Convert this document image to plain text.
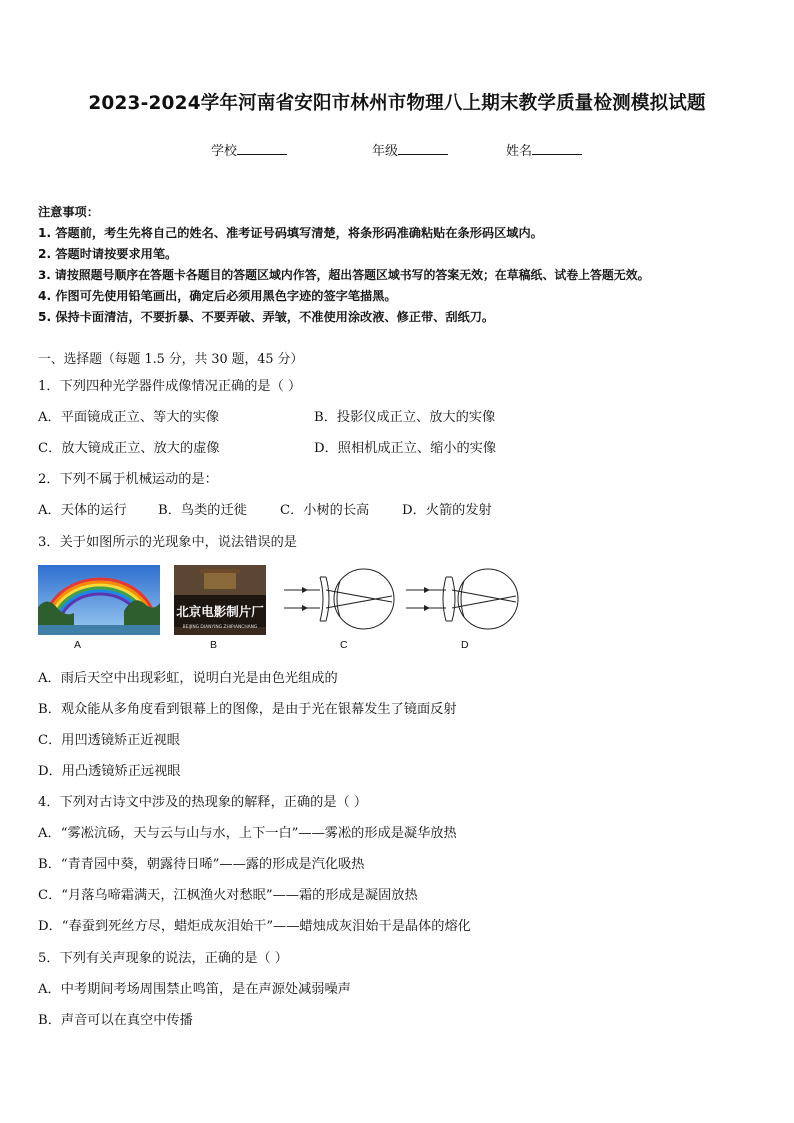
2023-2024学年河南省安阳市林州市物理八上期末教学质量检测模拟试题
学校	年级	姓名
注意事项：
1. 答题前，考生先将自己的姓名、准考证号码填写清楚，将条形码准确粘贴在条形码区域内。
2. 答题时请按要求用笔。
3. 请按照题号顺序在答题卡各题目的答题区域内作答，超出答题区域书写的答案无效；在草稿纸、试卷上答题无效。
4. 作图可先使用铅笔画出，确定后必须用黑色字迹的签字笔描黑。
5. 保持卡面清洁，不要折暴、不要弄破、弄皱，不准使用涂改液、修正带、刮纸刀。
一、选择题（每题 1.5 分，共 30 题，45 分）
1．下列四种光学器件成像情况正确的是（ ）
A．平面镜成正立、等大的实像	B．投影仪成正立、放大的实像
C．放大镜成正立、放大的虚像	D．照相机成正立、缩小的实像
2．下列不属于机械运动的是：
A．天体的运行 B．鸟类的迁徙	C．小树的长高 D．火箭的发射
3．关于如图所示的光现象中，说法错误的是
A
北京电影制片厂
BEIJING DIANYING ZHIPIANCHANG
B	C	D
A．雨后天空中出现彩虹，说明白光是由色光组成的
B．观众能从多角度看到银幕上的图像，是由于光在银幕发生了镜面反射
C．用凹透镜矫正近视眼
D．用凸透镜矫正远视眼
4．下列对古诗文中涉及的热现象的解释，正确的是（ ）
A．“雾凇沆砀，天与云与山与水，上下一白”——雾凇的形成是凝华放热
B．“青青园中葵，朝露待日晞”——露的形成是汽化吸热
C．“月落乌啼霜满天，江枫渔火对愁眠”——霜的形成是凝固放热
D．“春蚕到死丝方尽，蜡炬成灰泪始干”——蜡烛成灰泪始干是晶体的熔化
5．下列有关声现象的说法，正确的是（ ）
A．中考期间考场周围禁止鸣笛，是在声源处减弱噪声
B．声音可以在真空中传播
